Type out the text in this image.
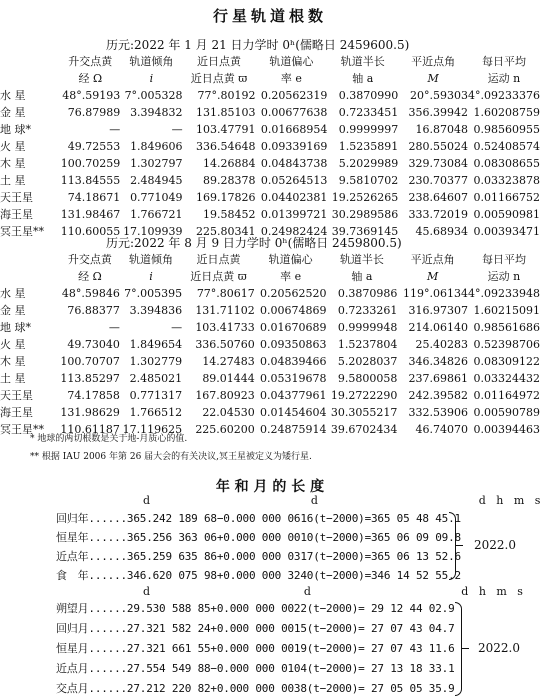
行星轨道根数
历元:2022 年 1 月 21 日力学时 0ʰ(儒略日 2459600.5)
	升交点黄	轨道倾角	近日点黄	轨道偏心	轨道半长	平近点角	每日平均
	经 Ω	i	近日点黄 ϖ	率 e	轴 a	M	运动 n
水 星	48°.59193	7°.005328	77°.80192	0.20562319	0.3870990	20°.59303	4°.09233376
金 星	76.87989	3.394832	131.85103	0.00677638	0.7233451	356.39942	1.60208759
地 球*	—	—	103.47791	0.01668954	0.9999997	16.87048	0.98560955
火 星	49.72553	1.849606	336.54648	0.09339169	1.5235891	280.55024	0.52408574
木 星	100.70259	1.302797	14.26884	0.04843738	5.2029989	329.73084	0.08308655
土 星	113.84555	2.484945	89.28378	0.05264513	9.5810702	230.70377	0.03323878
天王星	74.18671	0.771049	169.17826	0.04402381	19.2526265	238.64607	0.01166752
海王星	131.98467	1.766721	19.58452	0.01399721	30.2989586	333.72019	0.00590981
冥王星**	110.60055	17.109939	225.80341	0.24982424	39.7369145	45.68934	0.00393471
历元:2022 年 8 月 9 日力学时 0ʰ(儒略日 2459800.5)
	升交点黄	轨道倾角	近日点黄	轨道偏心	轨道半长	平近点角	每日平均
	经 Ω	i	近日点黄 ϖ	率 e	轴 a	M	运动 n
水 星	48°.59846	7°.005395	77°.80617	0.20562520	0.3870986	119°.06134	4°.09233948
金 星	76.88377	3.394836	131.71102	0.00674869	0.7233261	316.97307	1.60215091
地 球*	—	—	103.41733	0.01670689	0.9999948	214.06140	0.98561686
火 星	49.73040	1.849654	336.50760	0.09350863	1.5237804	25.40283	0.52398706
木 星	100.70707	1.302779	14.27483	0.04839466	5.2028037	346.34826	0.08309122
土 星	113.85297	2.485021	89.01444	0.05319678	9.5800058	237.69861	0.03324432
天王星	74.17858	0.771317	167.80923	0.04377961	19.2722290	242.39582	0.01164972
海王星	131.98629	1.766512	22.04530	0.01454604	30.3055217	332.53906	0.00590789
冥王星**	110.61187	17.119625	225.60200	0.24875914	39.6702434	46.74070	0.00394463
* 地球的两切根数是关于地-月质心的值.
** 根据 IAU 2006 年第 26 届大会的有关决议,冥王星被定义为矮行星.
年 和 月 的 长 度
d                                              d                                              d   h   m   s
回归年......365.242 189 68−0.000 000 0616(t−2000)=365 05 48 45.1
恒星年......365.256 363 06+0.000 000 0010(t−2000)=365 06 09 09.8
近点年......365.259 635 86+0.000 000 0317(t−2000)=365 06 13 52.6
食　年......346.620 075 98+0.000 000 3240(t−2000)=346 14 52 55.2
2022.0
d                                            d                                           d   h   m   s
朔望月......29.530 588 85+0.000 000 0022(t−2000)= 29 12 44 02.9
回归月......27.321 582 24+0.000 000 0015(t−2000)= 27 07 43 04.7
恒星月......27.321 661 55+0.000 000 0019(t−2000)= 27 07 43 11.6
近点月......27.554 549 88−0.000 000 0104(t−2000)= 27 13 18 33.1
交点月......27.212 220 82+0.000 000 0038(t−2000)= 27 05 05 35.9
2022.0
